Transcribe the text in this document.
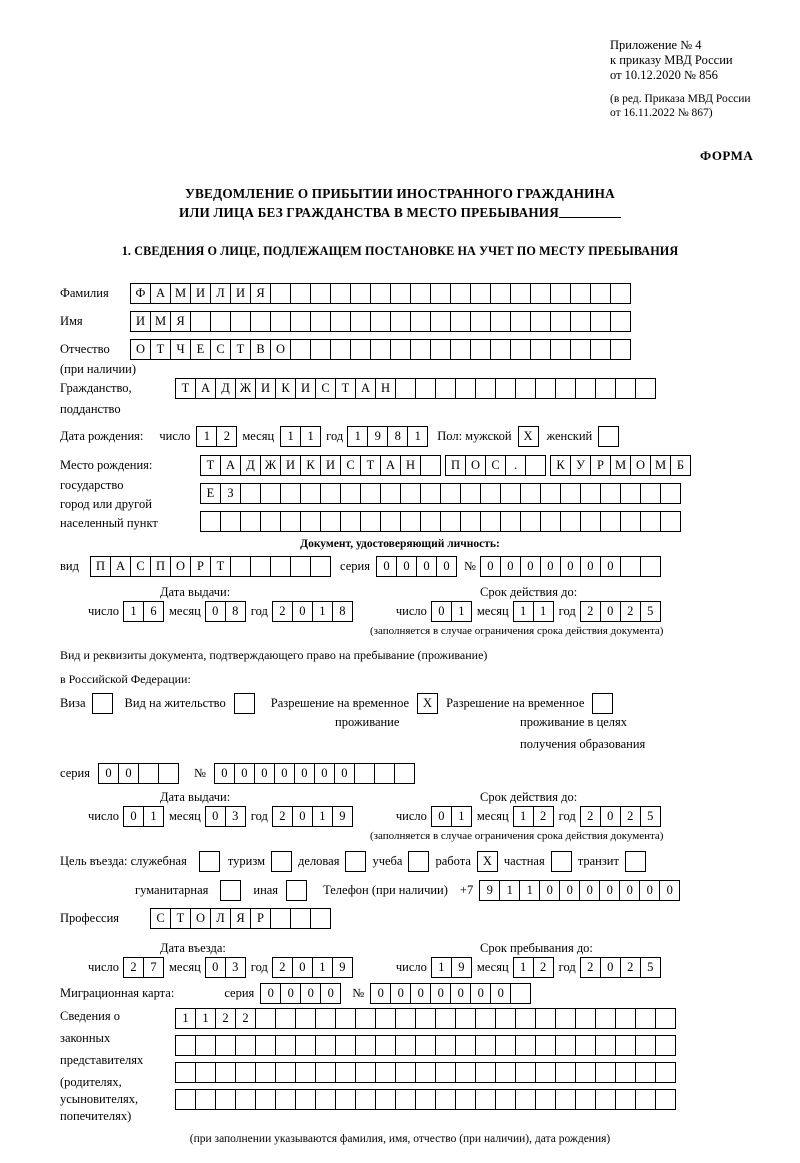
Приложение № 4
к приказу МВД России
от 10.12.2020 № 856
(в ред. Приказа МВД России
от 16.11.2022 № 867)
ФОРМА
УВЕДОМЛЕНИЕ О ПРИБЫТИИ ИНОСТРАННОГО ГРАЖДАНИНА
ИЛИ ЛИЦА БЕЗ ГРАЖДАНСТВА В МЕСТО ПРЕБЫВАНИЯ
1. СВЕДЕНИЯ О ЛИЦЕ, ПОДЛЕЖАЩЕМ ПОСТАНОВКЕ НА УЧЕТ ПО МЕСТУ ПРЕБЫВАНИЯ
Фамилия	Ф А М И Л И Я
Имя	И М Я
Отчество	О Т Ч Е С Т В О
(при наличии)
Гражданство,	Т А Д Ж И К И С Т А Н
подданство
Дата рождения: число	1	2 месяц	1	1 год 1	9	8	1	Пол: мужской X	женский
Место рождения:	Т А Д Ж И К И С Т А Н	П О С	.	К У Р М О М Б
государство
Е	З
город или другой
населенный пункт
Документ, удостоверяющий личность:
вид	П А С П О Р	Т	серия	0	0	0	0	№ 0	0	0	0	0	0	0
Дата выдачи:	Срок действия до:
число 1	6 месяц 0	8 год 2	0	1	8	число 0	1 месяц 1	1 год 2	0	2	5
(заполняется в случае ограничения срока действия документа)
Вид и реквизиты документа, подтверждающего право на пребывание (проживание)
в Российской Федерации:
Виза	Вид на жительство	Разрешение на временное	X	Разрешение на временное
проживание	проживание в целях
получения образования
серия	0	0	№	0	0	0	0	0	0	0
Дата выдачи:	Срок действия до:
число 0	1 месяц 0	3 год 2	0	1	9	число 0	1 месяц 1	2 год 2	0	2	5
(заполняется в случае ограничения срока действия документа)
Цель въезда: служебная	туризм	деловая	учеба	работа X частная	транзит
гуманитарная	иная	Телефон (при наличии) +7	9	1	1	0	0	0	0	0	0	0
Профессия	С Т О Л Я Р
Дата въезда:	Срок пребывания до:
число 2	7 месяц 0	3 год 2	0	1	9	число 1	9 месяц 1	2 год 2	0	2	5
Миграционная карта:	серия	0	0	0	0	№	0	0	0	0	0	0	0
Сведения о
законных
представителях
(родителях,
усыновителях,
попечителях)
1	1	2	2
(при заполнении указываются фамилия, имя, отчество (при наличии), дата рождения)
